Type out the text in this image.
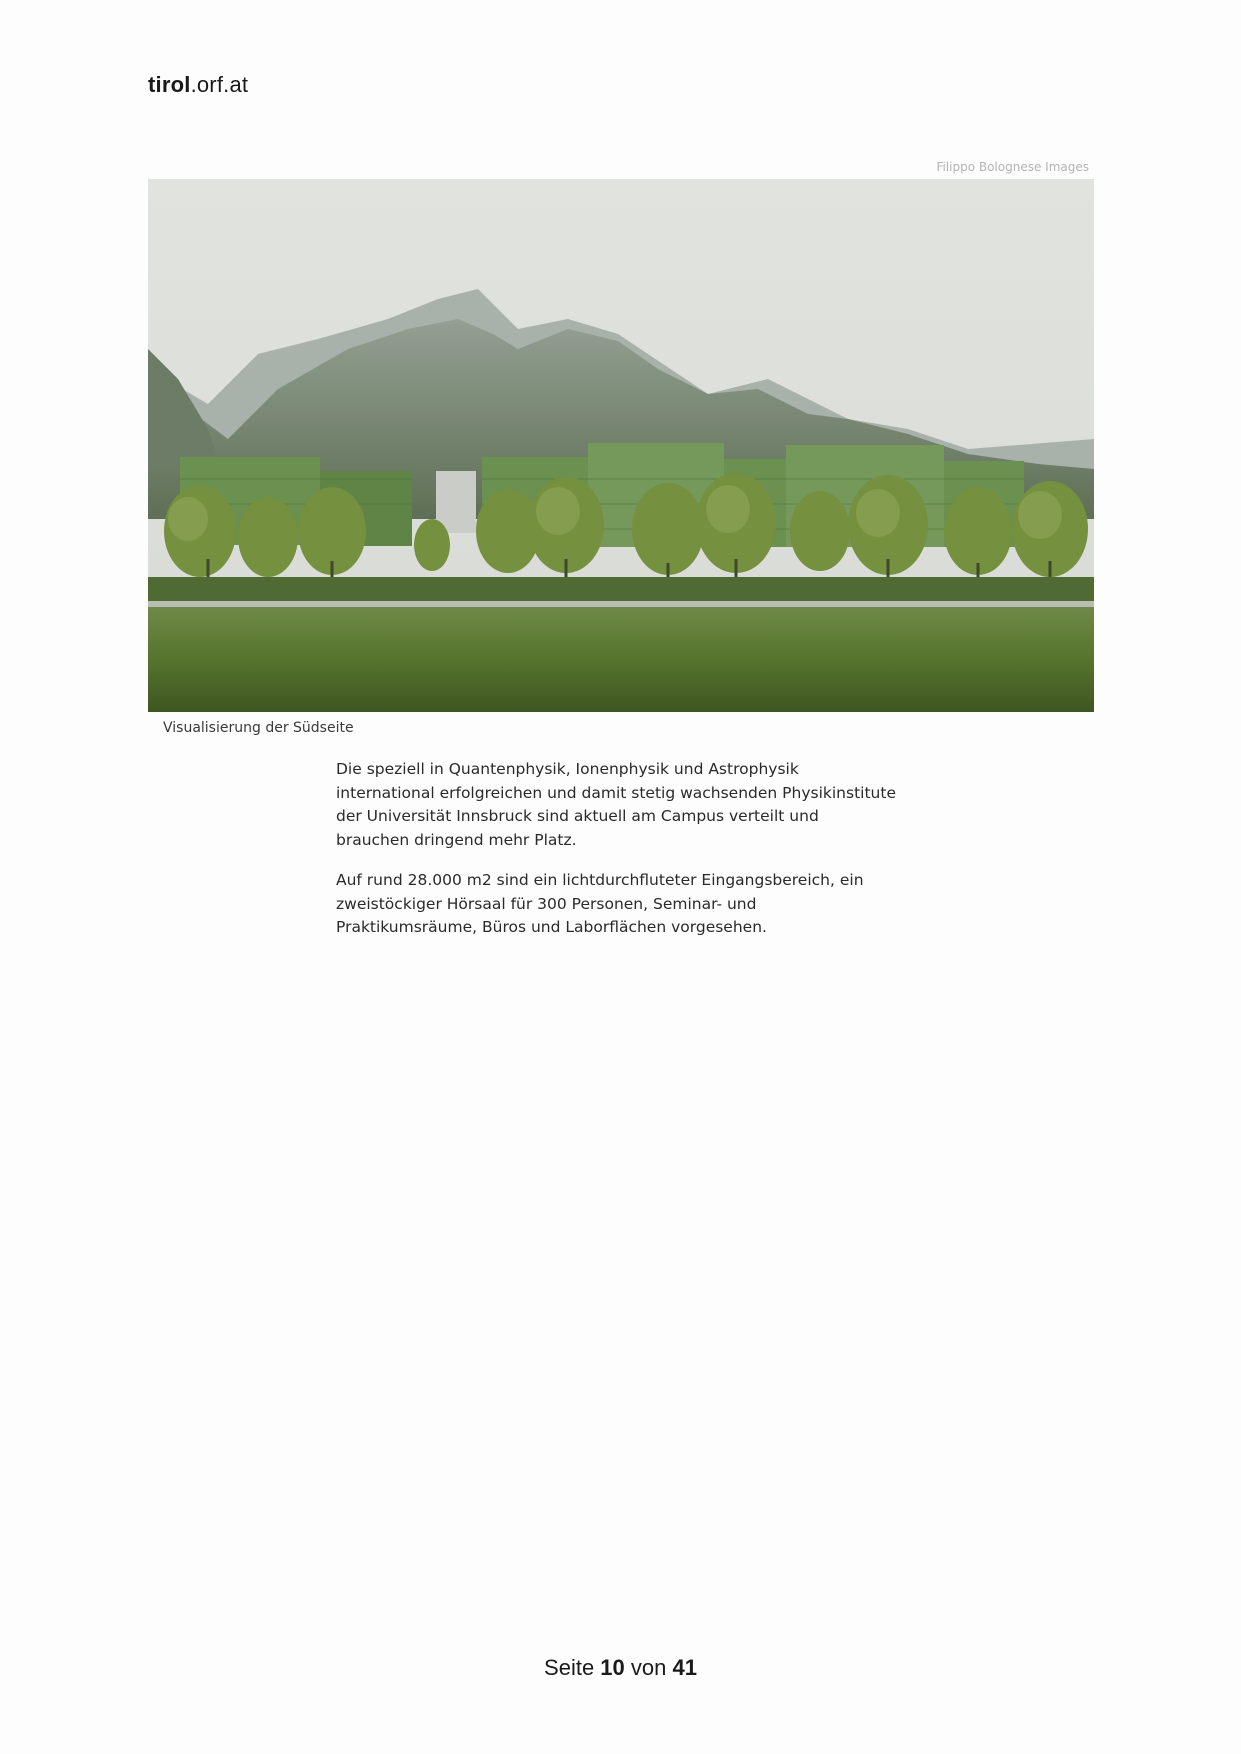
tirol.orf.at
Filippo Bolognese Images
Visualisierung der Südseite

Die speziell in Quantenphysik, Ionenphysik und Astrophysik international erfolgreichen und damit stetig wachsenden Physikinstitute der Universität Innsbruck sind aktuell am Campus verteilt und brauchen dringend mehr Platz.

Auf rund 28.000 m2 sind ein lichtdurchfluteter Eingangsbereich, ein zweistöckiger Hörsaal für 300 Personen, Seminar- und Praktikumsräume, Büros und Laborflächen vorgesehen.

Seite 10 von 41
